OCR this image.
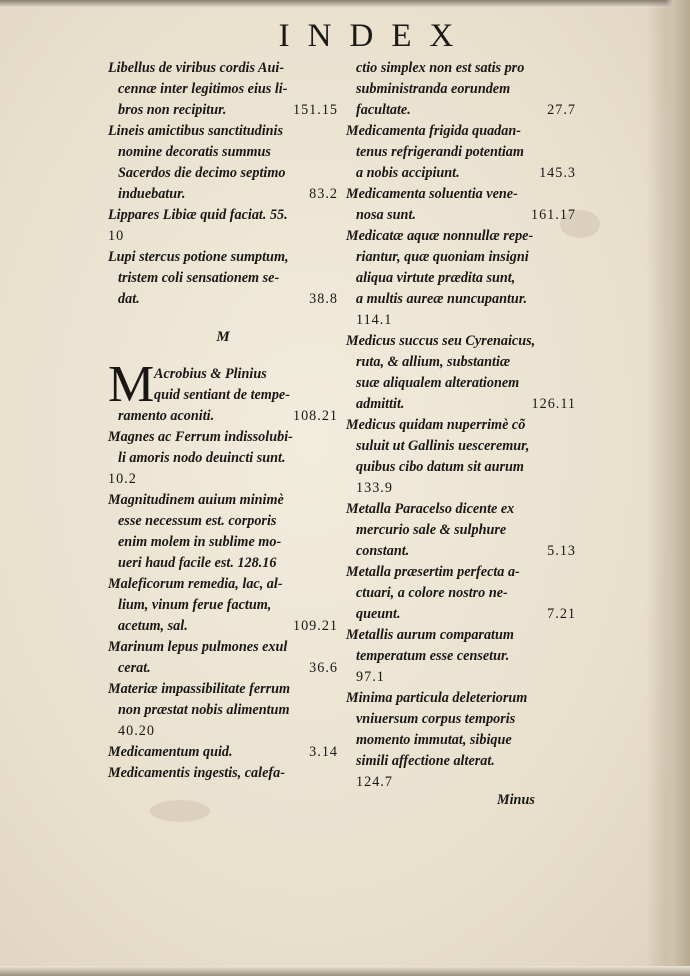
INDEX
Libellus de viribus cordis Aui-
cennæ inter legitimos eius li-
bros non recipitur.	151.15
Lineis amictibus sanctitudinis
nomine decoratis summus
Sacerdos die decimo septimo
induebatur.	83.2
Lippares Libiæ quid faciat. 55.
10
Lupi stercus potione sumptum,
tristem coli sensationem se-
dat.	38.8
M
M Acrobius & Plinius
quid sentiant de tempe-
ramento aconiti.	108.21
Magnes ac Ferrum indissolubi-
li amoris nodo deuincti sunt.
10.2
Magnitudinem auium minimè
esse necessum est. corporis
enim molem in sublime mo-
ueri haud facile est. 128.16
Maleficorum remedia, lac, al-
lium, vinum ferue factum,
acetum, sal.	109.21
Marinum lepus pulmones exul
cerat.	36.6
Materiæ impassibilitate ferrum
non præstat nobis alimentum
40.20
Medicamentum quid.	3.14
Medicamentis ingestis, calefa-
ctio simplex non est satis pro
subministranda eorundem
facultate.	27.7
Medicamenta frigida quadan-
tenus refrigerandi potentiam
a nobis accipiunt.	145.3
Medicamenta soluentia vene-
nosa sunt.	161.17
Medicatæ aquæ nonnullæ repe-
riantur, quæ quoniam insigni
aliqua virtute prædita sunt,
a multis aureæ nuncupantur.
114.1
Medicus succus seu Cyrenaicus,
ruta, & allium, substantiæ
suæ aliqualem alterationem
admittit.	126.11
Medicus quidam nuperrimè cõ
suluit ut Gallinis uesceremur,
quibus cibo datum sit aurum
133.9
Metalla Paracelso dicente ex
mercurio sale & sulphure
constant.	5.13
Metalla præsertim perfecta a-
ctuari, a colore nostro ne-
queunt.	7.21
Metallis aurum comparatum
temperatum esse censetur.
97.1
Minima particula deleteriorum
vniuersum corpus temporis
momento immutat, sibique
simili affectione alterat.
124.7
Minus
